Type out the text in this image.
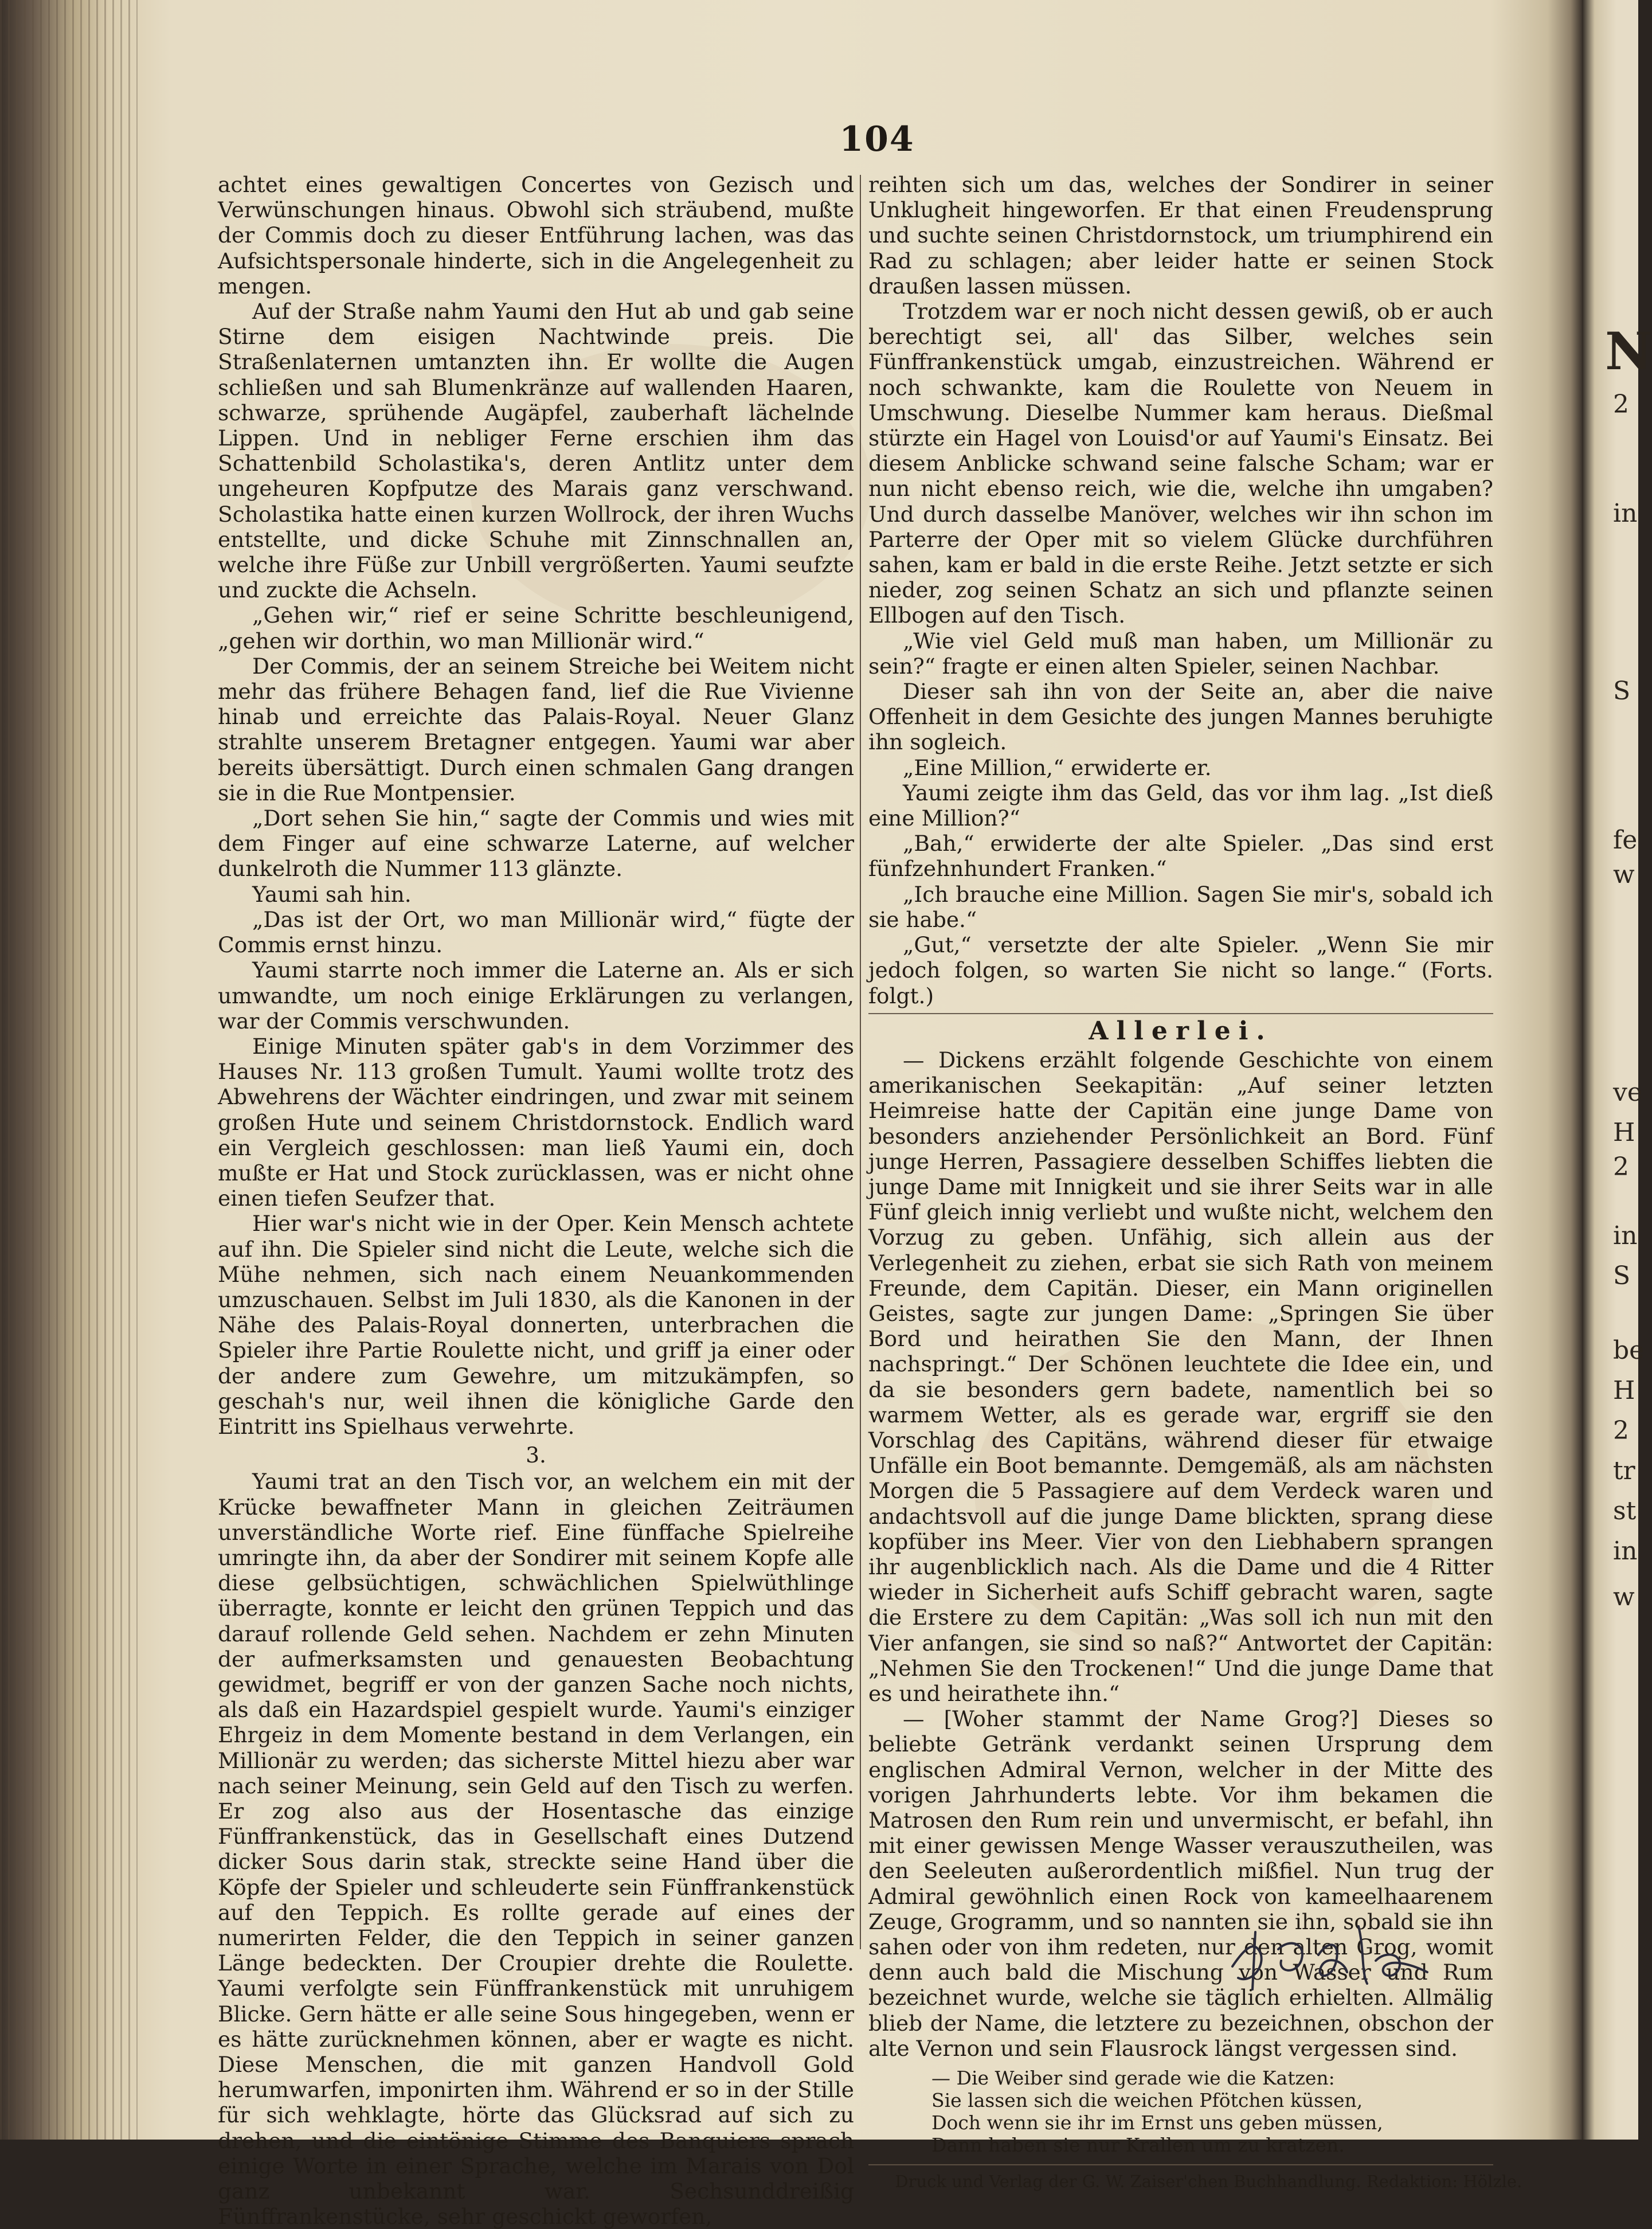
104

achtet eines gewaltigen Concertes von Gezisch und Verwünschungen hinaus. Obwohl sich sträubend, mußte der Commis doch zu dieser Entführung lachen, was das Aufsichtspersonale hinderte, sich in die Angelegenheit zu mengen.

Auf der Straße nahm Yaumi den Hut ab und gab seine Stirne dem eisigen Nachtwinde preis. Die Straßenlaternen umtanzten ihn. Er wollte die Augen schließen und sah Blumenkränze auf wallenden Haaren, schwarze, sprühende Augäpfel, zauberhaft lächelnde Lippen. Und in nebliger Ferne erschien ihm das Schattenbild Scholastika's, deren Antlitz unter dem ungeheuren Kopfputze des Marais ganz verschwand. Scholastika hatte einen kurzen Wollrock, der ihren Wuchs entstellte, und dicke Schuhe mit Zinnschnallen an, welche ihre Füße zur Unbill vergrößerten. Yaumi seufzte und zuckte die Achseln.

„Gehen wir,“ rief er seine Schritte beschleunigend, „gehen wir dorthin, wo man Millionär wird.“

Der Commis, der an seinem Streiche bei Weitem nicht mehr das frühere Behagen fand, lief die Rue Vivienne hinab und erreichte das Palais-Royal. Neuer Glanz strahlte unserem Bretagner entgegen. Yaumi war aber bereits übersättigt. Durch einen schmalen Gang drangen sie in die Rue Montpensier.

„Dort sehen Sie hin,“ sagte der Commis und wies mit dem Finger auf eine schwarze Laterne, auf welcher dunkelroth die Nummer 113 glänzte.

Yaumi sah hin.

„Das ist der Ort, wo man Millionär wird,“ fügte der Commis ernst hinzu.

Yaumi starrte noch immer die Laterne an. Als er sich umwandte, um noch einige Erklärungen zu verlangen, war der Commis verschwunden.

Einige Minuten später gab's in dem Vorzimmer des Hauses Nr. 113 großen Tumult. Yaumi wollte trotz des Abwehrens der Wächter eindringen, und zwar mit seinem großen Hute und seinem Christdornstock. Endlich ward ein Vergleich geschlossen: man ließ Yaumi ein, doch mußte er Hat und Stock zurücklassen, was er nicht ohne einen tiefen Seufzer that.

Hier war's nicht wie in der Oper. Kein Mensch achtete auf ihn. Die Spieler sind nicht die Leute, welche sich die Mühe nehmen, sich nach einem Neuankommenden umzuschauen. Selbst im Juli 1830, als die Kanonen in der Nähe des Palais-Royal donnerten, unterbrachen die Spieler ihre Partie Roulette nicht, und griff ja einer oder der andere zum Gewehre, um mitzukämpfen, so geschah's nur, weil ihnen die königliche Garde den Eintritt ins Spielhaus verwehrte.

3.

Yaumi trat an den Tisch vor, an welchem ein mit der Krücke bewaffneter Mann in gleichen Zeiträumen unverständliche Worte rief. Eine fünffache Spielreihe umringte ihn, da aber der Sondirer mit seinem Kopfe alle diese gelbsüchtigen, schwächlichen Spielwüthlinge überragte, konnte er leicht den grünen Teppich und das darauf rollende Geld sehen. Nachdem er zehn Minuten der aufmerksamsten und genauesten Beobachtung gewidmet, begriff er von der ganzen Sache noch nichts, als daß ein Hazardspiel gespielt wurde. Yaumi's einziger Ehrgeiz in dem Momente bestand in dem Verlangen, ein Millionär zu werden; das sicherste Mittel hiezu aber war nach seiner Meinung, sein Geld auf den Tisch zu werfen. Er zog also aus der Hosentasche das einzige Fünffrankenstück, das in Gesellschaft eines Dutzend dicker Sous darin stak, streckte seine Hand über die Köpfe der Spieler und schleuderte sein Fünffrankenstück auf den Teppich. Es rollte gerade auf eines der numerirten Felder, die den Teppich in seiner ganzen Länge bedeckten. Der Croupier drehte die Roulette. Yaumi verfolgte sein Fünffrankenstück mit unruhigem Blicke. Gern hätte er alle seine Sous hingegeben, wenn er es hätte zurücknehmen können, aber er wagte es nicht. Diese Menschen, die mit ganzen Handvoll Gold herumwarfen, imponirten ihm. Während er so in der Stille für sich wehklagte, hörte das Glücksrad auf sich zu drehen, und die eintönige Stimme des Banquiers sprach einige Worte in einer Sprache, welche im Marais von Dol ganz unbekannt war. Sechsunddreißig Fünffrankenstücke, sehr geschickt geworfen,

reihten sich um das, welches der Sondirer in seiner Unklugheit hingeworfen. Er that einen Freudensprung und suchte seinen Christdornstock, um triumphirend ein Rad zu schlagen; aber leider hatte er seinen Stock draußen lassen müssen.

Trotzdem war er noch nicht dessen gewiß, ob er auch berechtigt sei, all' das Silber, welches sein Fünffrankenstück umgab, einzustreichen. Während er noch schwankte, kam die Roulette von Neuem in Umschwung. Dieselbe Nummer kam heraus. Dießmal stürzte ein Hagel von Louisd'or auf Yaumi's Einsatz. Bei diesem Anblicke schwand seine falsche Scham; war er nun nicht ebenso reich, wie die, welche ihn umgaben? Und durch dasselbe Manöver, welches wir ihn schon im Parterre der Oper mit so vielem Glücke durchführen sahen, kam er bald in die erste Reihe. Jetzt setzte er sich nieder, zog seinen Schatz an sich und pflanzte seinen Ellbogen auf den Tisch.

„Wie viel Geld muß man haben, um Millionär zu sein?“ fragte er einen alten Spieler, seinen Nachbar.

Dieser sah ihn von der Seite an, aber die naive Offenheit in dem Gesichte des jungen Mannes beruhigte ihn sogleich.

„Eine Million,“ erwiderte er.

Yaumi zeigte ihm das Geld, das vor ihm lag. „Ist dieß eine Million?“

„Bah,“ erwiderte der alte Spieler. „Das sind erst fünfzehnhundert Franken.“

„Ich brauche eine Million. Sagen Sie mir's, sobald ich sie habe.“

„Gut,“ versetzte der alte Spieler. „Wenn Sie mir jedoch folgen, so warten Sie nicht so lange.“ (Forts. folgt.)

Allerlei.

— Dickens erzählt folgende Geschichte von einem amerikanischen Seekapitän: „Auf seiner letzten Heimreise hatte der Capitän eine junge Dame von besonders anziehender Persönlichkeit an Bord. Fünf junge Herren, Passagiere desselben Schiffes liebten die junge Dame mit Innigkeit und sie ihrer Seits war in alle Fünf gleich innig verliebt und wußte nicht, welchem den Vorzug zu geben. Unfähig, sich allein aus der Verlegenheit zu ziehen, erbat sie sich Rath von meinem Freunde, dem Capitän. Dieser, ein Mann originellen Geistes, sagte zur jungen Dame: „Springen Sie über Bord und heirathen Sie den Mann, der Ihnen nachspringt.“ Der Schönen leuchtete die Idee ein, und da sie besonders gern badete, namentlich bei so warmem Wetter, als es gerade war, ergriff sie den Vorschlag des Capitäns, während dieser für etwaige Unfälle ein Boot bemannte. Demgemäß, als am nächsten Morgen die 5 Passagiere auf dem Verdeck waren und andachtsvoll auf die junge Dame blickten, sprang diese kopfüber ins Meer. Vier von den Liebhabern sprangen ihr augenblicklich nach. Als die Dame und die 4 Ritter wieder in Sicherheit aufs Schiff gebracht waren, sagte die Erstere zu dem Capitän: „Was soll ich nun mit den Vier anfangen, sie sind so naß?“ Antwortet der Capitän: „Nehmen Sie den Trockenen!“ Und die junge Dame that es und heirathete ihn.“

— [Woher stammt der Name Grog?] Dieses so beliebte Getränk verdankt seinen Ursprung dem englischen Admiral Vernon, welcher in der Mitte des vorigen Jahrhunderts lebte. Vor ihm bekamen die Matrosen den Rum rein und unvermischt, er befahl, ihn mit einer gewissen Menge Wasser verauszutheilen, was den Seeleuten außerordentlich mißfiel. Nun trug der Admiral gewöhnlich einen Rock von kameelhaarenem Zeuge, Grogramm, und so nannten sie ihn, sobald sie ihn sahen oder von ihm redeten, nur den alten Grog, womit denn auch bald die Mischung von Wasser und Rum bezeichnet wurde, welche sie täglich erhielten. Allmälig blieb der Name, die letztere zu bezeichnen, obschon der alte Vernon und sein Flausrock längst vergessen sind.

— Die Weiber sind gerade wie die Katzen:
Sie lassen sich die weichen Pfötchen küssen,
Doch wenn sie ihr im Ernst uns geben müssen,
Dann haben sie nur Krallen um zu kratzen.

Druck und Verlag der G. W. Zaiser'chen Buchhandlung. Redaktion: Hölzle.

N
2
in
S
fe
w
ve
H
2
in
S
be
H
2
tr
st
in
w
